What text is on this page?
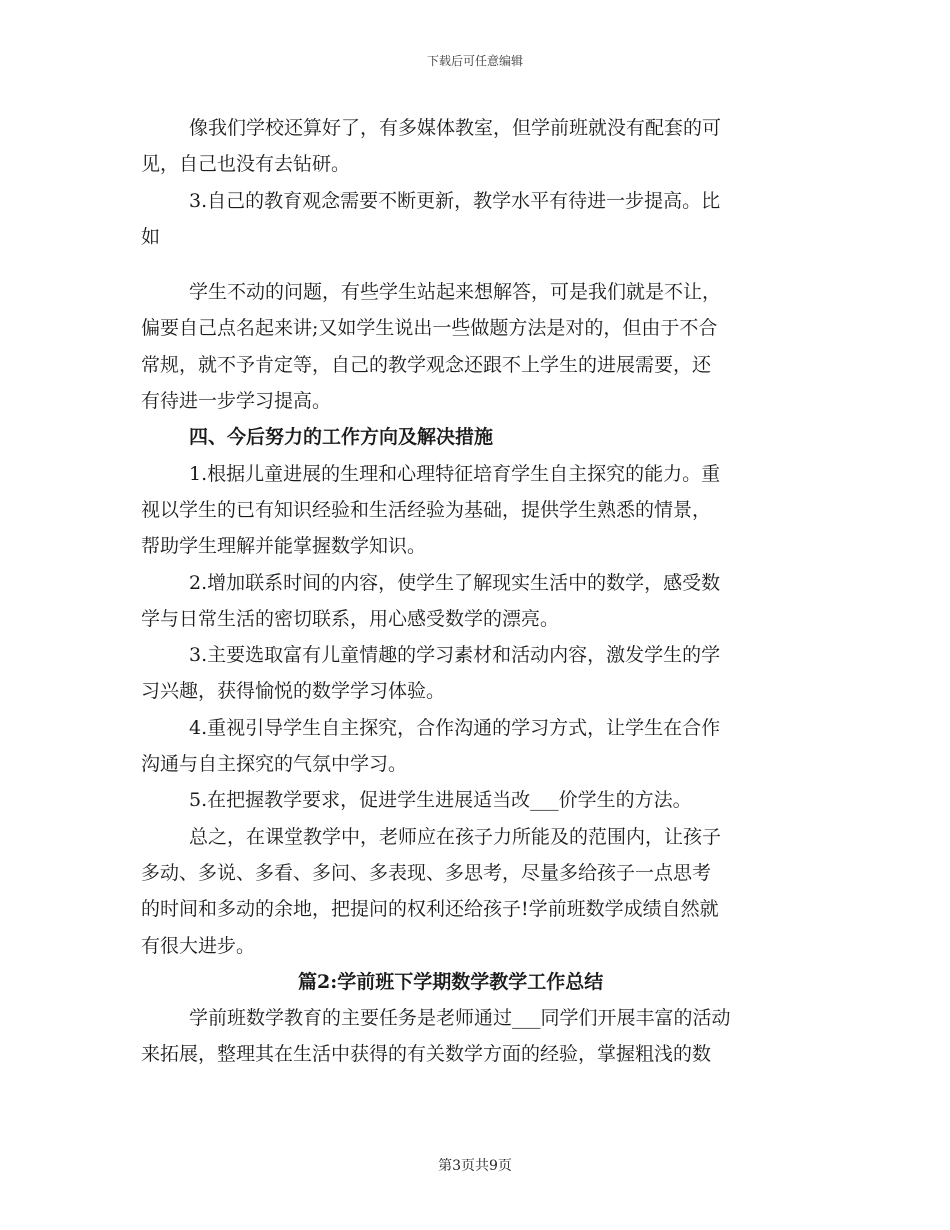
下载后可任意编辑
像我们学校还算好了，有多媒体教室，但学前班就没有配套的可
见，自己也没有去钻研。
3.自己的教育观念需要不断更新，教学水平有待进一步提高。比
如
学生不动的问题，有些学生站起来想解答，可是我们就是不让，
偏要自己点名起来讲;又如学生说出一些做题方法是对的，但由于不合
常规，就不予肯定等，自己的教学观念还跟不上学生的进展需要，还
有待进一步学习提高。
四、今后努力的工作方向及解决措施
1.根据儿童进展的生理和心理特征培育学生自主探究的能力。重
视以学生的已有知识经验和生活经验为基础，提供学生熟悉的情景，
帮助学生理解并能掌握数学知识。
2.增加联系时间的内容，使学生了解现实生活中的数学，感受数
学与日常生活的密切联系，用心感受数学的漂亮。
3.主要选取富有儿童情趣的学习素材和活动内容，激发学生的学
习兴趣，获得愉悦的数学学习体验。
4.重视引导学生自主探究，合作沟通的学习方式，让学生在合作
沟通与自主探究的气氛中学习。
5.在把握教学要求，促进学生进展适当改___价学生的方法。
总之，在课堂教学中，老师应在孩子力所能及的范围内，让孩子
多动、多说、多看、多问、多表现、多思考，尽量多给孩子一点思考
的时间和多动的余地，把提问的权利还给孩子!学前班数学成绩自然就
有很大进步。
篇2:学前班下学期数学教学工作总结
学前班数学教育的主要任务是老师通过___同学们开展丰富的活动
来拓展，整理其在生活中获得的有关数学方面的经验，掌握粗浅的数
第3页共9页
